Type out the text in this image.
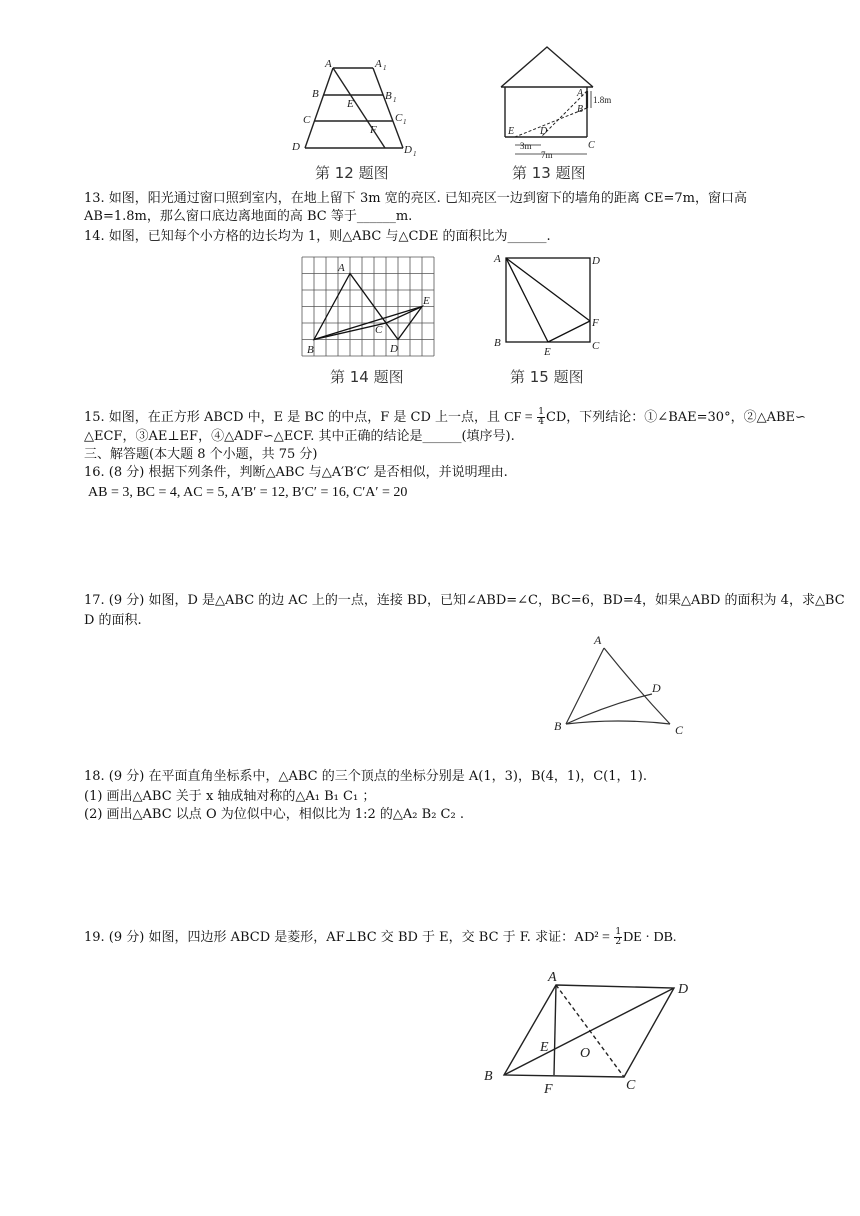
A	A 1
B	B 1
E
C	C 1
F
D	D 1
第 12 题图
A
B
1.8m
E	D
C
3m
7m
第 13 题图
13. 如图，阳光通过窗口照到室内，在地上留下 3m 宽的亮区. 已知亮区一边到窗下的墙角的距离 CE=7m，窗口高
AB=1.8m，那么窗口底边离地面的高 BC 等于______m.
14. 如图，已知每个小方格的边长均为 1，则△ABC 与△CDE 的面积比为______.
A
B
C
D
E
第 14 题图
A	D
B	C
E
F
第 15 题图
15. 如图，在正方形 ABCD 中，E 是 BC 的中点，F 是 CD 上一点，且 CF = $\frac{1}{4}$ CD，下列结论：①∠BAE=30°，②△ABE∽
△ECF，③AE⊥EF，④△ADF∽△ECF. 其中正确的结论是______(填序号).
三、解答题(本大题 8 个小题，共 75 分)
16. (8 分) 根据下列条件，判断△ABC 与△A′B′C′ 是否相似，并说明理由.
AB = 3, BC = 4, AC = 5, A′B′ = 12, B′C′ = 16, C′A′ = 20
17. (9 分) 如图，D 是△ABC 的边 AC 上的一点，连接 BD，已知∠ABD=∠C，BC=6，BD=4，如果△ABD 的面积为 4，求△BC
D 的面积.
A
D
B	C
18. (9 分) 在平面直角坐标系中，△ABC 的三个顶点的坐标分别是 A(1，3)，B(4，1)，C(1，1).
(1) 画出△ABC 关于 x 轴成轴对称的△A₁ B₁ C₁ ；
(2) 画出△ABC 以点 O 为位似中心，相似比为 1:2 的△A₂ B₂ C₂ .
19. (9 分) 如图，四边形 ABCD 是菱形，AF⊥BC 交 BD 于 E，交 BC 于 F. 求证：$AD^2 = \frac{1}{2}$ DE · DB.
A
D
B
C
E O
F
